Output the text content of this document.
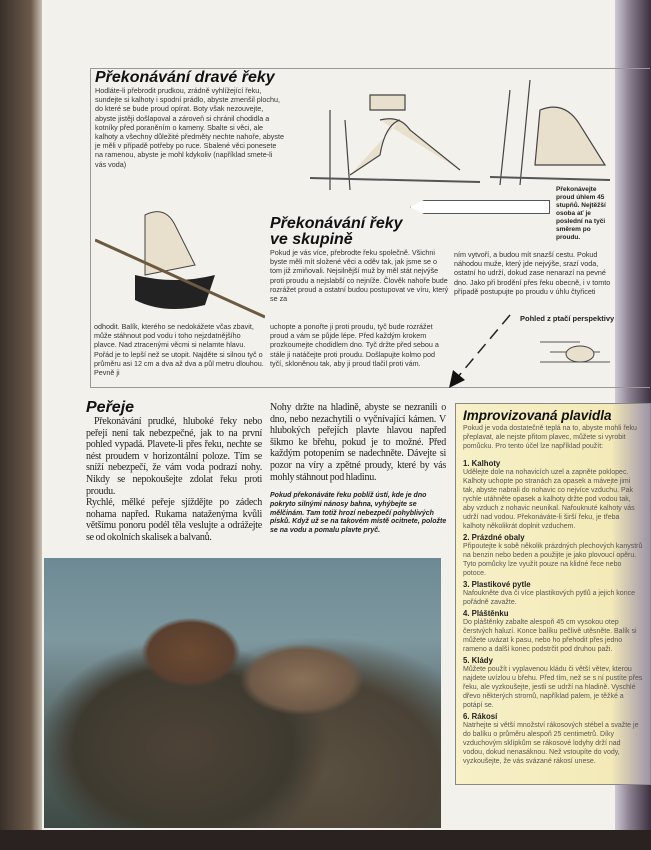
Překonávání dravé řeky

Hodláte-li přebrodit prudkou, zrádně vyhlížející řeku, sundejte si kalhoty i spodní prádlo, abyste zmenšil plochu, do které se bude proud opírat. Boty však nezouvejte, abyste jistěji došlapoval a zároveň si chránil chodidla a kotníky před poraněním o kameny. Sbalte si věci, ale kalhoty a všechny důležité předměty nechte nahoře, abyste je měli v případě potřeby po ruce. Sbalené věci ponesete na ramenou, abyste je mohl kdykoliv (například smete-li vás voda)

Překonávání řeky
ve skupině

Pokud je vás více, přebrodte řeku společně. Všichni byste měli mít složené věci a oděv tak, jak jsme se o tom již zmiňovali. Nejsilnější muž by měl stát nejvýše proti proudu a nejslabší co nejníže. Člověk nahoře bude rozrážet proud a ostatní budou postupovat ve víru, který se za

Překonávejte proud úhlem 45 stupňů. Nejtěžší osoba ať je poslední na tyči směrem po proudu.

ním vytvoří, a budou mít snazší cestu. Pokud náhodou muže, který jde nejvýše, srazí voda, ostatní ho udrží, dokud zase nenarazí na pevné dno. Jako při brodění přes řeku obecně, i v tomto případě postupujte po proudu v úhlu čtyřiceti

Pohled z ptačí perspektivy

odhodit. Balík, kterého se nedokážete včas zbavit, může stáhnout pod vodu i toho nejzdatnějšího plavce. Nad ztracenými věcmi si nelamte hlavu. Pořád je to lepší než se utopit. Najděte si silnou tyč o průměru asi 12 cm a dva až dva a půl metru dlouhou. Pevně ji

uchopte a ponořte ji proti proudu, tyč bude rozrážet proud a vám se půjde lépe. Před každým krokem prozkoumejte chodidlem dno. Tyč držte před sebou a stále ji natáčejte proti proudu. Došlapujte kolmo pod tyčí, skloněnou tak, aby ji proud tlačil proti vám.

Peřeje

Překonávání prudké, hluboké řeky nebo peřejí není tak nebezpečné, jak to na první pohled vypadá. Plavete-li přes řeku, nechte se nést proudem v horizontální poloze. Tím se sníží nebezpečí, že vám voda podrazí nohy. Nikdy se nepokoušejte zdolat řeku proti proudu.

Rychlé, mělké peřeje sjíždějte po zádech nohama napřed. Rukama nataženýma kvůli většímu ponoru podél těla veslujte a odrážejte se od okolních skalisek a balvanů.

Nohy držte na hladině, abyste se nezranili o dno, nebo nezachytili o vyčnívající kámen. V hlubokých peřejích plavte hlavou napřed šikmo ke břehu, pokud je to možné. Před každým potopením se nadechněte. Dávejte si pozor na víry a zpětné proudy, které by vás mohly stáhnout pod hladinu.

Pokud překonáváte řeku poblíž ústí, kde je dno pokryto silnými nánosy bahna, vyhýbejte se mělčinám. Tam totiž hrozí nebezpečí pohyblivých písků. Když už se na takovém místě ocitnete, položte se na vodu a pomalu plavte pryč.

Improvizovaná plavidla

Pokud je voda dostatečně teplá na to, abyste mohli řeku přeplavat, ale nejste přitom plavec, můžete si vyrobit pomůcku. Pro tento účel lze například použít:

1. Kalhoty

Udělejte dole na nohavicích uzel a zapněte poklopec. Kalhoty uchopte po stranách za opasek a mávejte jimi tak, abyste nabrali do nohavic co nejvíce vzduchu. Pak rychle utáhněte opasek a kalhoty držte pod vodou tak, aby vzduch z nohavic neunikal. Nafouknuté kalhoty vás udrží nad vodou. Překonáváte-li širší řeku, je třeba kalhoty několikrát doplnit vzduchem.

2. Prázdné obaly

Připoutejte k sobě několik prázdných plechových kanystrů na benzin nebo beden a použijte je jako plovoucí opěru. Tyto pomůcky lze využít pouze na klidné řece nebo potoce.

3. Plastikové pytle

Nafoukněte dva či více plastikových pytlů a jejich konce pořádně zavažte.

4. Pláštěnku

Do pláštěnky zabalte alespoň 45 cm vysokou otep čerstvých haluzí. Konce balíku pečlivě utěsněte. Balík si můžete uvázat k pasu, nebo ho přehodit přes jedno rameno a další konec podstrčit pod druhou paži.

5. Klády

Můžete použít i vyplavenou kládu či větší větev, kterou najdete uvízlou u břehu. Před tím, než se s ní pustíte přes řeku, ale vyzkoušejte, jestli se udrží na hladině. Vyschlé dřevo některých stromů, například palem, je těžké a potápí se.

6. Rákosí

Natrhejte si větší množství rákosových stébel a svažte je do balíku o průměru alespoň 25 centimetrů. Díky vzduchovým sklípkům se rákosové lodyhy drží nad vodou, dokud nenasáknou. Než vstoupíte do vody, vyzkoušejte, že vás svázané rákosí unese.
